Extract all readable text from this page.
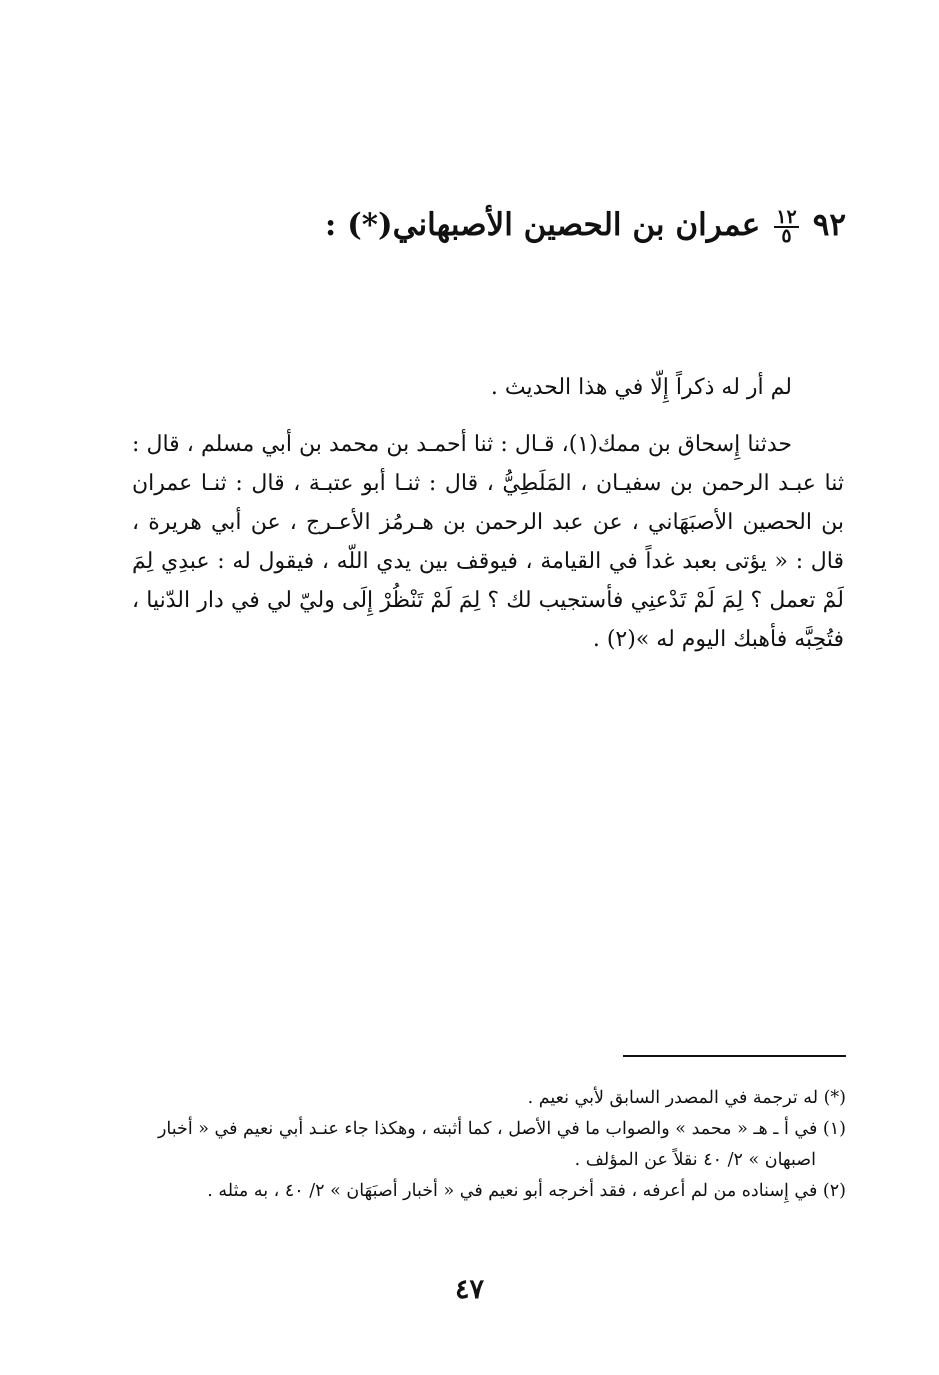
٩٢
$\frac{١٢}{٥}$
عمران بن الحصين الأصبهاني(*) :

لم أر له ذكراً إِلّا في هذا الحديث .

حدثنا إِسحاق بن ممك(١)، قـال : ثنا أحمـد بن محمد بن أبي مسلم ، قال : ثنا عبـد الرحمن بن سفيـان ، المَلَطِيُّ ، قال : ثنـا أبو عتبـة ، قال : ثنـا عمران بن الحصين الأصبَهَاني ، عن عبد الرحمن بن هـرمُز الأعـرج ، عن أبي هريرة ، قال : « يؤتى بعبد غداً في القيامة ، فيوقف بين يدي اللّه ، فيقول له : عبدِي لِمَ لَمْ تعمل ؟ لِمَ لَمْ تَدْعنِي فأستجيب لك ؟ لِمَ لَمْ تَنْظُرْ إِلَى وليّ لي في دار الدّنيا ، فتُحِبَّه فأهبك اليوم له »(٢) .

(*) له ترجمة في المصدر السابق لأبي نعيم .

(١) في أ ـ هـ « محمد » والصواب ما في الأصل ، كما أثبته ، وهكذا جاء عنـد أبي نعيم في « أخبار

اصبهان » ٢/ ٤٠ نقلاً عن المؤلف .

(٢) في إِسناده من لم أعرفه ، فقد أخرجه أبو نعيم في « أخبار أصبَهَان » ٢/ ٤٠ ، به مثله .

٤٧
